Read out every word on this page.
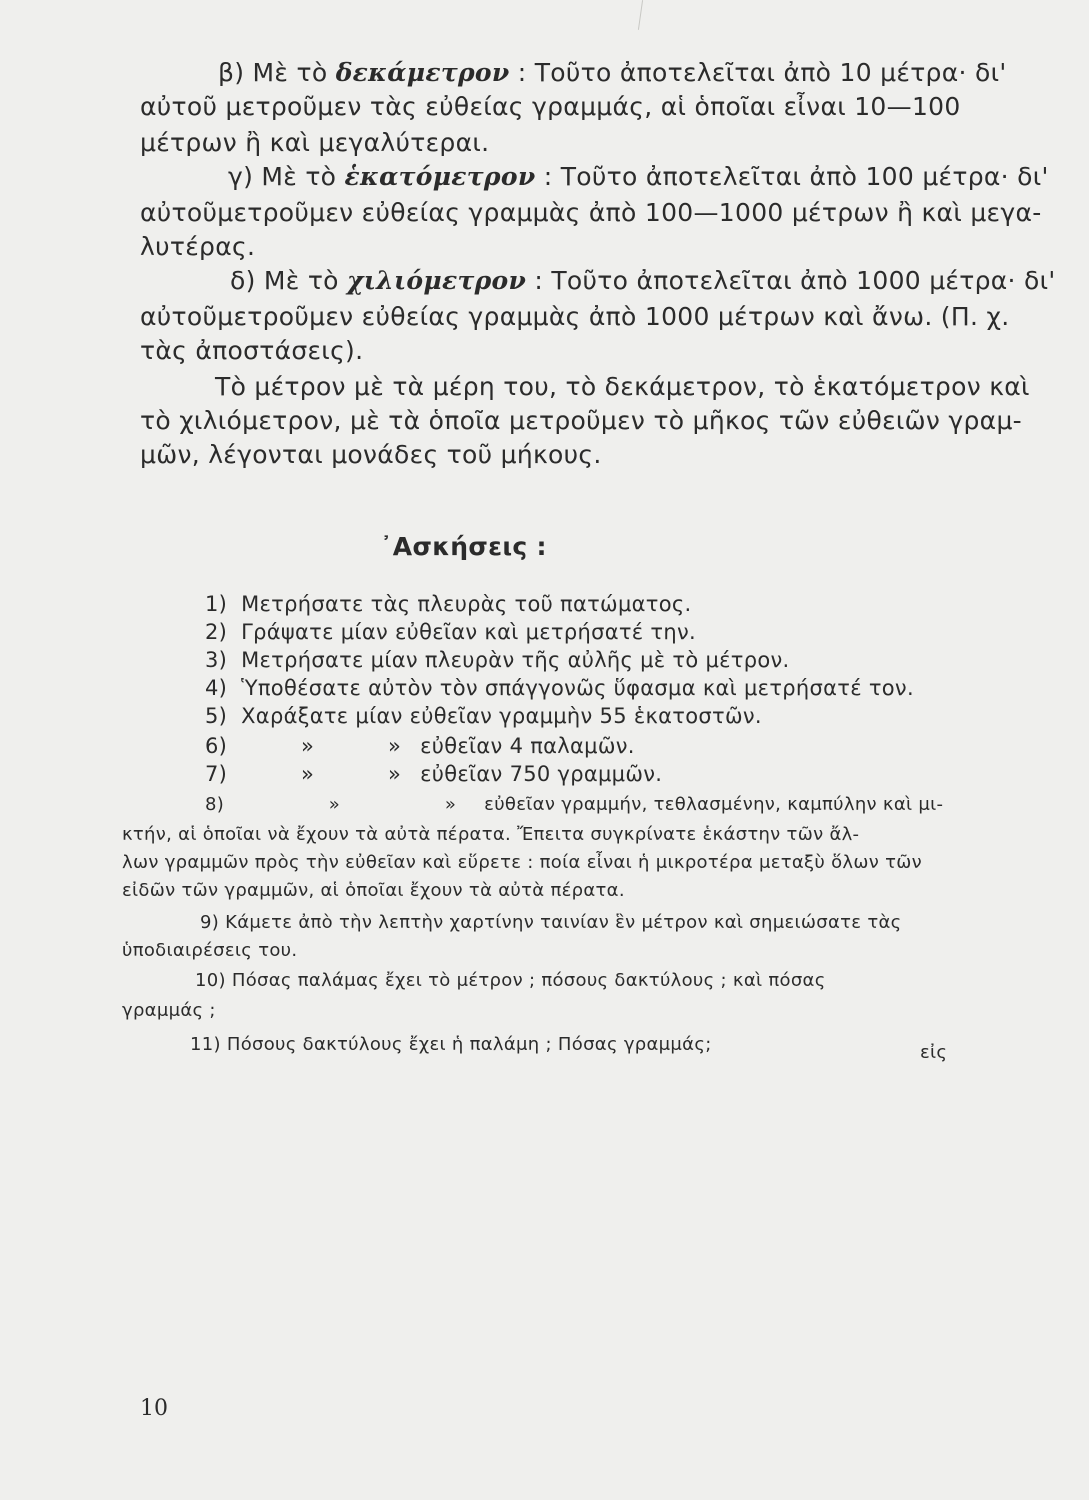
β) Μὲ τὸ δεκάμετρον : Τοῦτο ἀποτελεῖται ἀπὸ 10 μέτρα· δι'
αὐτοῦ μετροῦμεν τὰς εὐθείας γραμμάς, αἱ ὁποῖαι εἶναι 10—100
μέτρων ἢ καὶ μεγαλύτεραι.
γ) Μὲ τὸ ἑκατόμετρον : Τοῦτο ἀποτελεῖται ἀπὸ 100 μέτρα· δι'
αὐτοῦμετροῦμεν εὐθείας γραμμὰς ἀπὸ 100—1000 μέτρων ἢ καὶ μεγα-
λυτέρας.
δ) Μὲ τὸ χιλιόμετρον : Τοῦτο ἀποτελεῖται ἀπὸ 1000 μέτρα· δι'
αὐτοῦμετροῦμεν εὐθείας γραμμὰς ἀπὸ 1000 μέτρων καὶ ἄνω. (Π. χ.
τὰς ἀποστάσεις).
Τὸ μέτρον μὲ τὰ μέρη του, τὸ δεκάμετρον, τὸ ἑκατόμετρον καὶ
τὸ χιλιόμετρον, μὲ τὰ ὁποῖα μετροῦμεν τὸ μῆκος τῶν εὐθειῶν γραμ-
μῶν, λέγονται μονάδες τοῦ μήκους.
᾽Ασκήσεις :
1) Μετρήσατε τὰς πλευρὰς τοῦ πατώματος.
2) Γράψατε μίαν εὐθεῖαν καὶ μετρήσατέ την.
3) Μετρήσατε μίαν πλευρὰν τῆς αὐλῆς μὲ τὸ μέτρον.
4) Ὑποθέσατε αὐτὸν τὸν σπάγγονῶς ὕφασμα καὶ μετρήσατέ τον.
5) Χαράξατε μίαν εὐθεῖαν γραμμὴν 55 ἑκατοστῶν.
6)	»	» εὐθεῖαν 4 παλαμῶν.
7)	»	» εὐθεῖαν 750 γραμμῶν.
8)	»	» εὐθεῖαν γραμμήν, τεθλασμένην, καμπύλην καὶ μι-
κτήν, αἱ ὁποῖαι νὰ ἔχουν τὰ αὐτὰ πέρατα. Ἔπειτα συγκρίνατε ἑκάστην τῶν ἄλ-
λων γραμμῶν πρὸς τὴν εὐθεῖαν καὶ εὕρετε : ποία εἶναι ἡ μικροτέρα μεταξὺ ὅλων τῶν
εἰδῶν τῶν γραμμῶν, αἱ ὁποῖαι ἔχουν τὰ αὐτὰ πέρατα.
9) Κάμετε ἀπὸ τὴν λεπτὴν χαρτίνην ταινίαν ἓν μέτρον καὶ σημειώσατε τὰς
ὑποδιαιρέσεις του.
10) Πόσας παλάμας ἔχει τὸ μέτρον ; πόσους δακτύλους ; καὶ πόσας
γραμμάς ;
11) Πόσους δακτύλους ἔχει ἡ παλάμη ; Πόσας γραμμάς;	εἰς
10
